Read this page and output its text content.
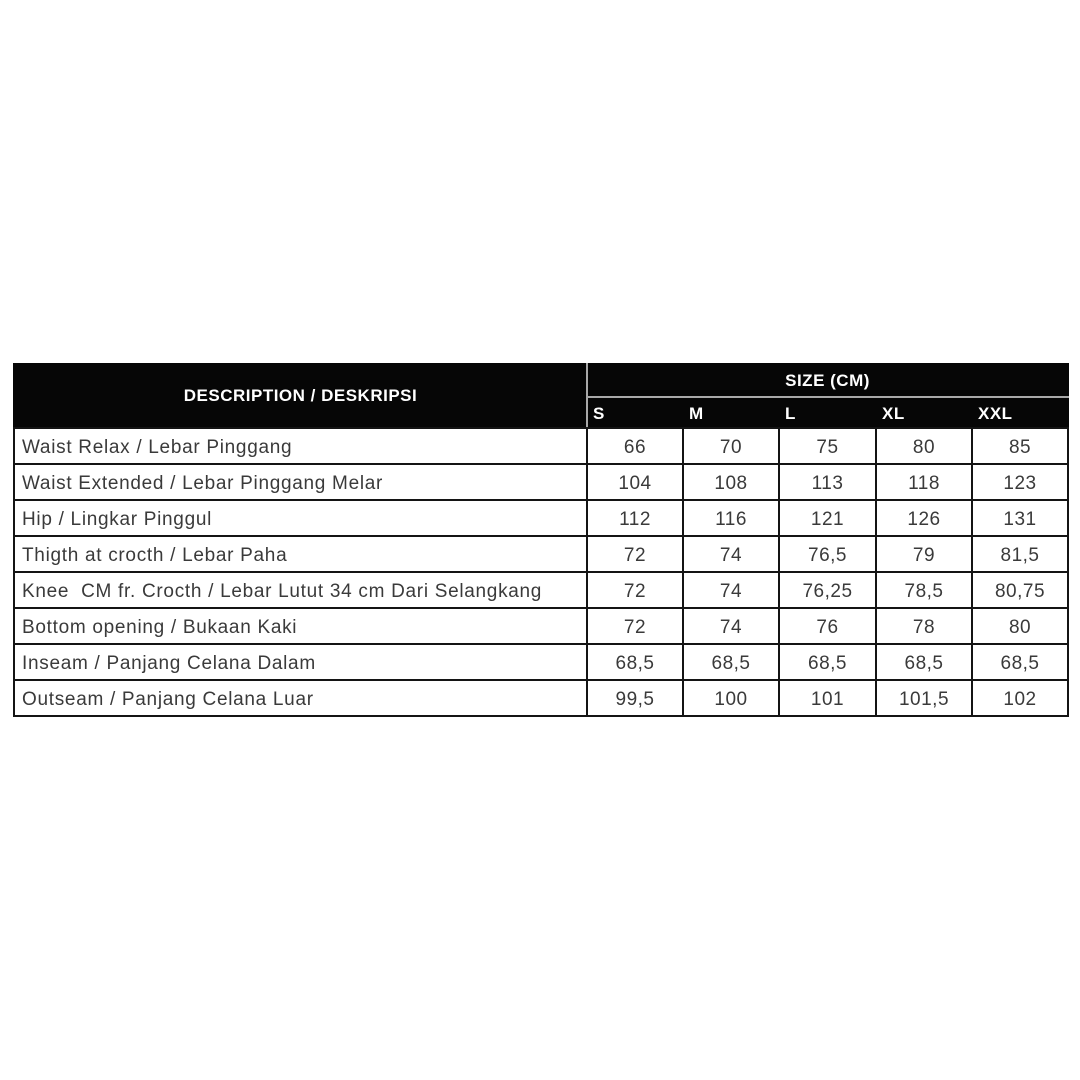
DESCRIPTION / DESKRIPSI	SIZE (CM)				
	S	M	L	XL	XXL
Waist Relax / Lebar Pinggang	66	70	75	80	85
Waist Extended / Lebar Pinggang Melar	104	108	113	118	123
Hip / Lingkar Pinggul	112	116	121	126	131
Thigth at crocth / Lebar Paha	72	74	76,5	79	81,5
Knee  CM fr. Crocth / Lebar Lutut 34 cm Dari Selangkang	72	74	76,25	78,5	80,75
Bottom opening / Bukaan Kaki	72	74	76	78	80
Inseam / Panjang Celana Dalam	68,5	68,5	68,5	68,5	68,5
Outseam / Panjang Celana Luar	99,5	100	101	101,5	102
